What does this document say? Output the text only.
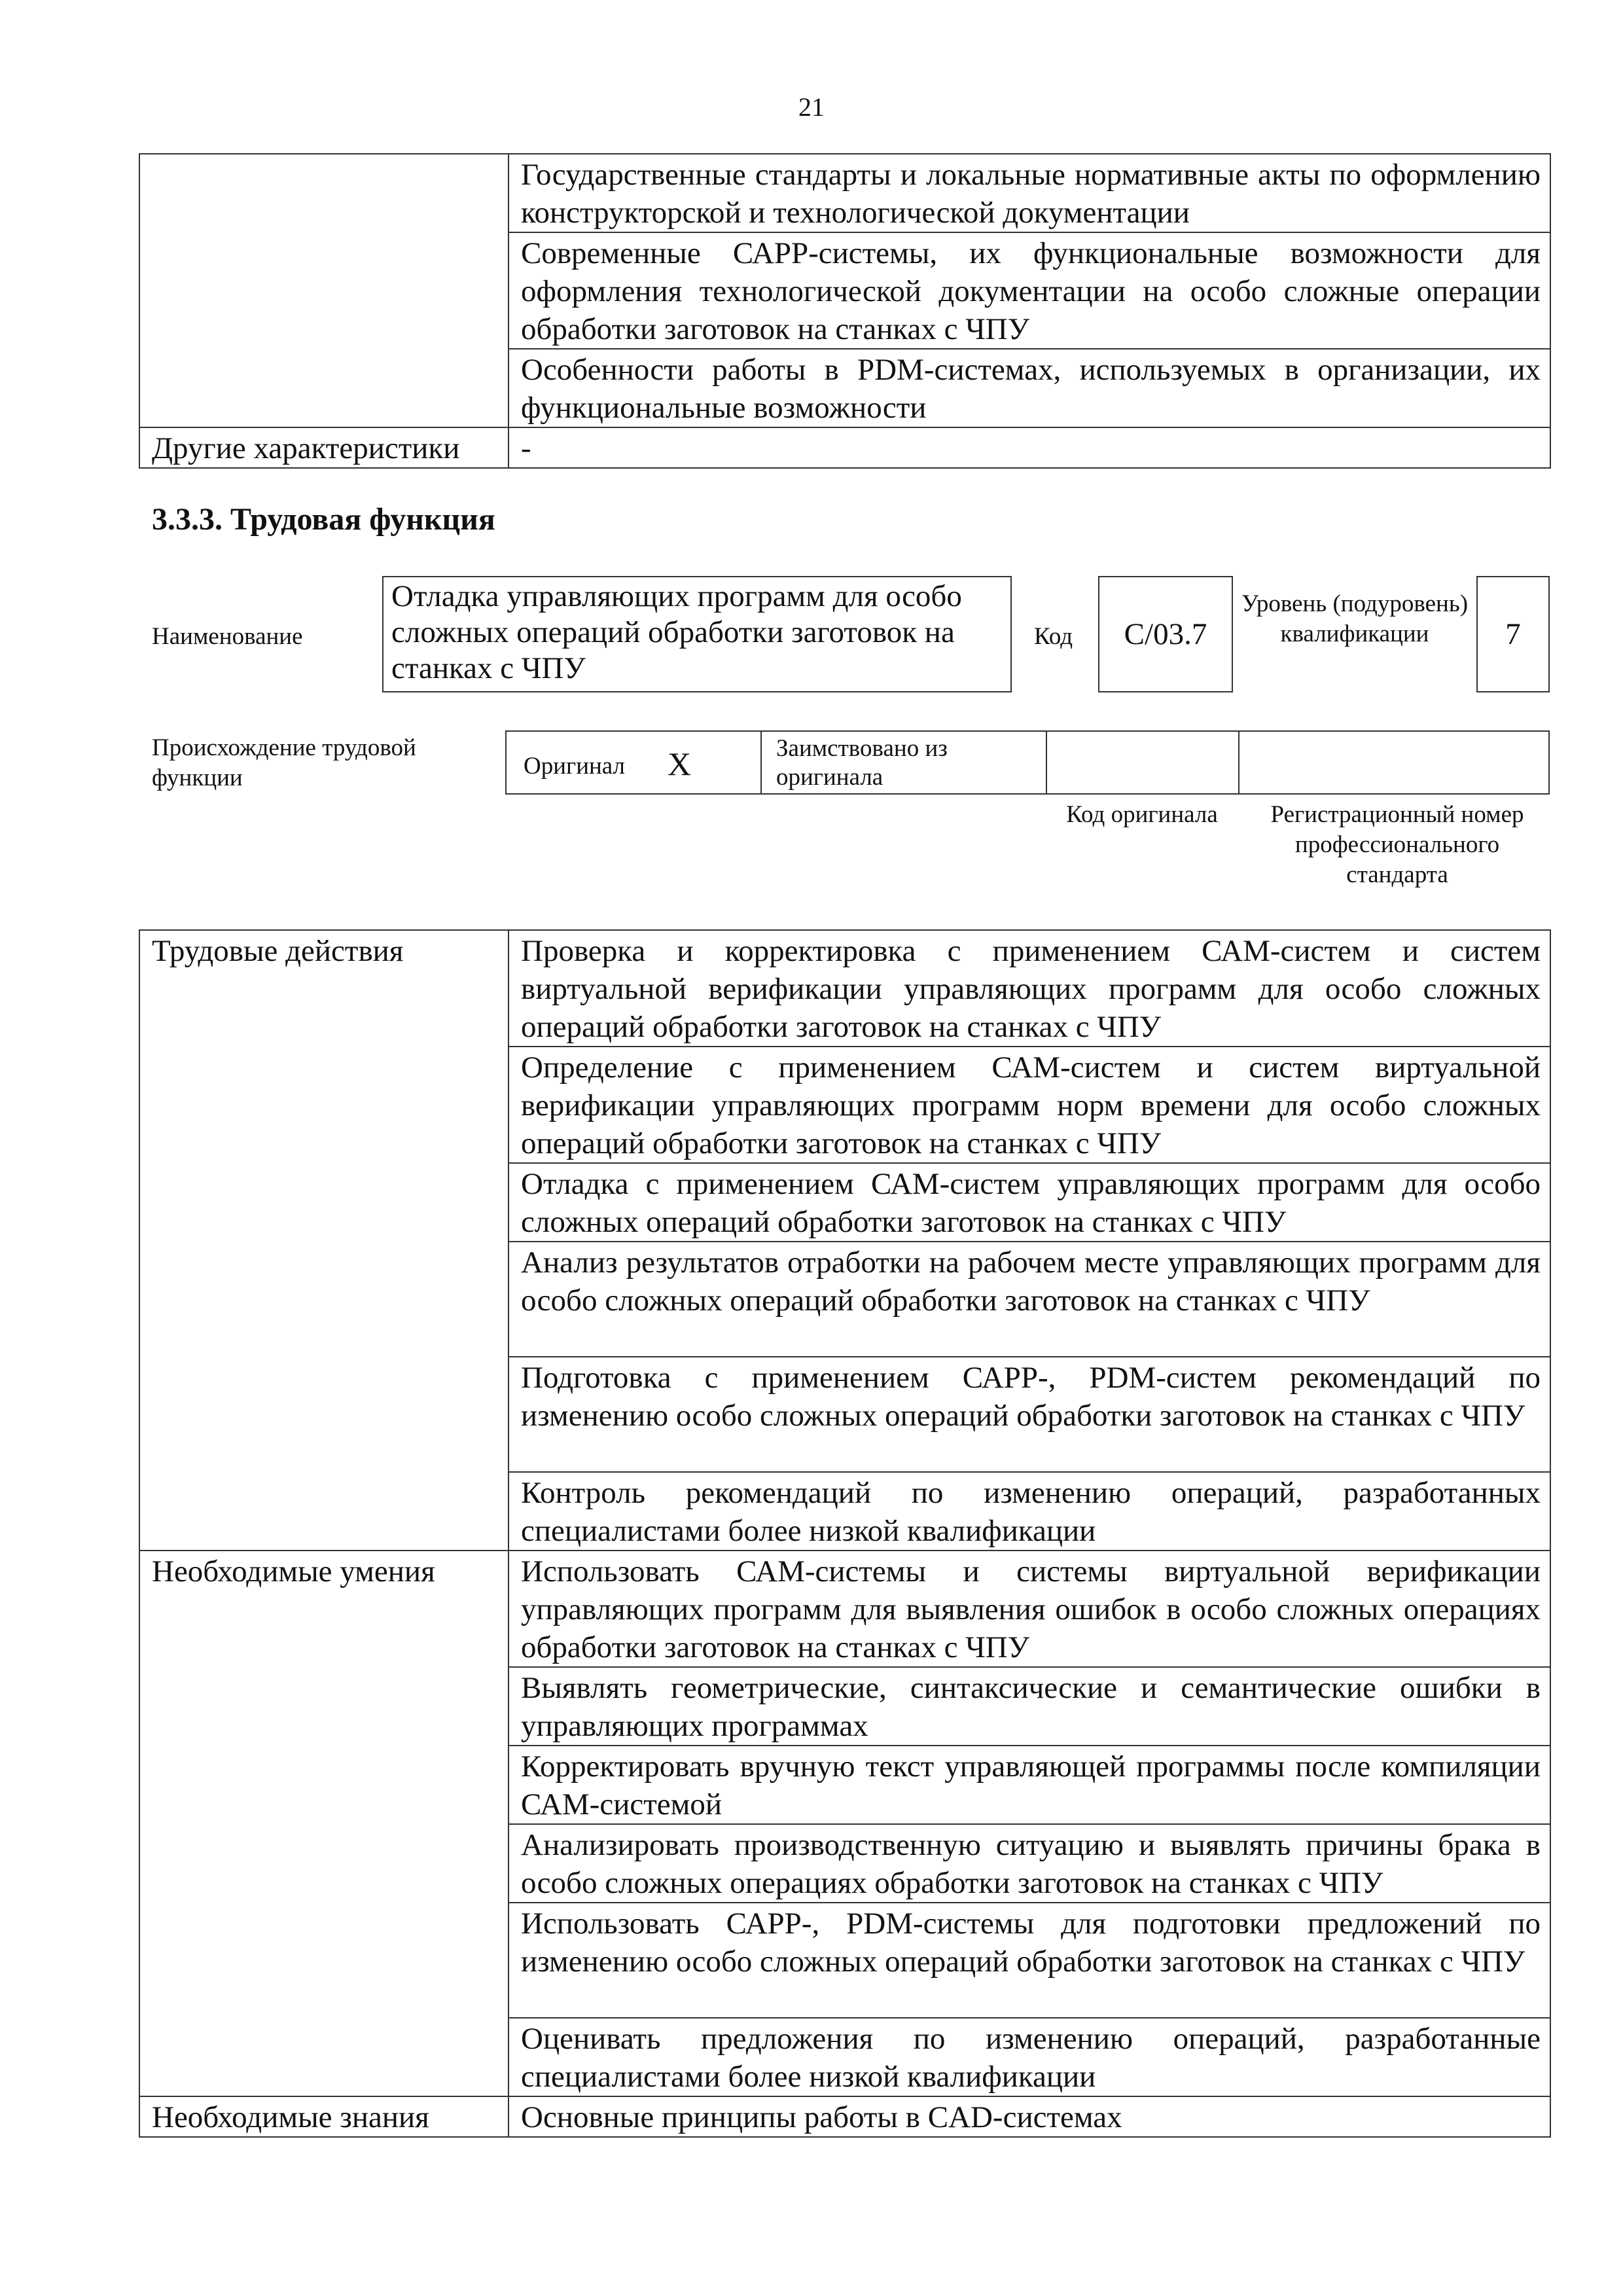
21
	Государственные стандарты и локальные нормативные акты по оформлению конструкторской и технологической документации
	Современные САРР-системы, их функциональные возможности для оформления технологической документации на особо сложные операции обработки заготовок на станках с ЧПУ
	Особенности работы в PDM-системах, используемых в организации, их функциональные возможности
Другие характеристики	-
3.3.3. Трудовая функция
Наименование
Отладка управляющих программ для особо сложных операций обработки заготовок на станках с ЧПУ
Код	C/03.7
Уровень (подуровень) квалификации	7
Происхождение трудовой функции	Оригинал X	Заимствовано из оригинала
Код оригинала	Регистрационный номер профессионального стандарта
Трудовые действия	Проверка и корректировка с применением САМ-систем и систем виртуальной верификации управляющих программ для особо сложных операций обработки заготовок на станках с ЧПУ
	Определение с применением САМ-систем и систем виртуальной верификации управляющих программ норм времени для особо сложных операций обработки заготовок на станках с ЧПУ
	Отладка с применением САМ-систем управляющих программ для особо сложных операций обработки заготовок на станках с ЧПУ
	Анализ результатов отработки на рабочем месте управляющих программ для особо сложных операций обработки заготовок на станках с ЧПУ
	Подготовка с применением САРР-, PDM-систем рекомендаций по изменению особо сложных операций обработки заготовок на станках с ЧПУ
	Контроль рекомендаций по изменению операций, разработанных специалистами более низкой квалификации
Необходимые умения	Использовать САМ-системы и системы виртуальной верификации управляющих программ для выявления ошибок в особо сложных операциях обработки заготовок на станках с ЧПУ
	Выявлять геометрические, синтаксические и семантические ошибки в управляющих программах
	Корректировать вручную текст управляющей программы после компиляции САМ-системой
	Анализировать производственную ситуацию и выявлять причины брака в особо сложных операциях обработки заготовок на станках с ЧПУ
	Использовать САРР-, PDM-системы для подготовки предложений по изменению особо сложных операций обработки заготовок на станках с ЧПУ
	Оценивать предложения по изменению операций, разработанные специалистами более низкой квалификации
Необходимые знания	Основные принципы работы в CAD-системах
